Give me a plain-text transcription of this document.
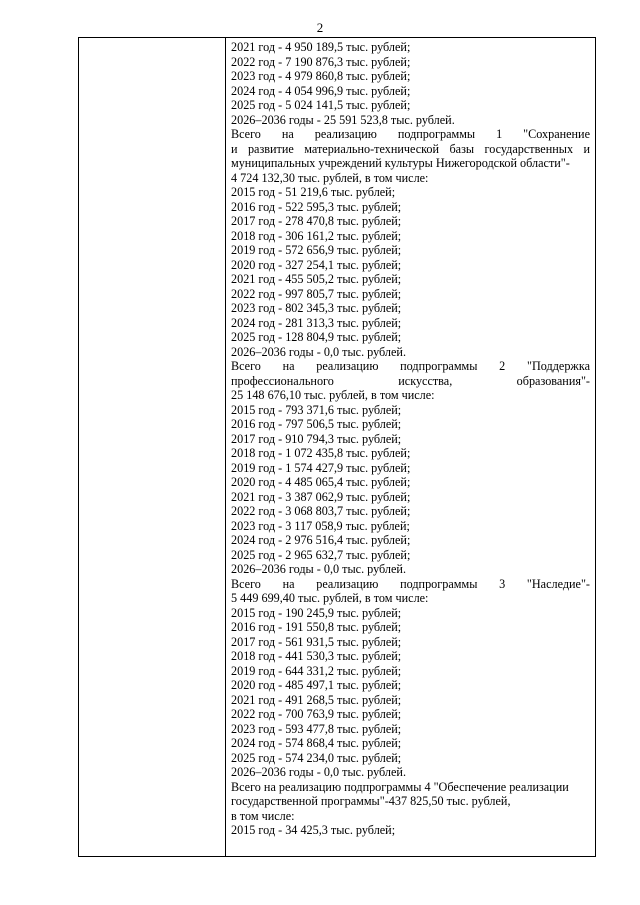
2
2021 год - 4 950 189,5 тыс. рублей;
2022 год - 7 190 876,3 тыс. рублей;
2023 год - 4 979 860,8 тыс. рублей;
2024 год - 4 054 996,9 тыс. рублей;
2025 год - 5 024 141,5 тыс. рублей;
2026–2036 годы - 25 591 523,8 тыс. рублей.
Всего на реализацию подпрограммы 1 "Сохранение
и развитие материально-технической базы государственных и
муниципальных учреждений культуры Нижегородской области"-
4 724 132,30 тыс. рублей, в том числе:
2015 год - 51 219,6 тыс. рублей;
2016 год - 522 595,3 тыс. рублей;
2017 год - 278 470,8 тыс. рублей;
2018 год - 306 161,2 тыс. рублей;
2019 год - 572 656,9 тыс. рублей;
2020 год - 327 254,1 тыс. рублей;
2021 год - 455 505,2 тыс. рублей;
2022 год - 997 805,7 тыс. рублей;
2023 год - 802 345,3 тыс. рублей;
2024 год - 281 313,3 тыс. рублей;
2025 год - 128 804,9 тыс. рублей;
2026–2036 годы - 0,0 тыс. рублей.
Всего на реализацию подпрограммы 2 "Поддержка
профессионального искусства, образования"-
25 148 676,10 тыс. рублей, в том числе:
2015 год - 793 371,6 тыс. рублей;
2016 год - 797 506,5 тыс. рублей;
2017 год - 910 794,3 тыс. рублей;
2018 год - 1 072 435,8 тыс. рублей;
2019 год - 1 574 427,9 тыс. рублей;
2020 год - 4 485 065,4 тыс. рублей;
2021 год - 3 387 062,9 тыс. рублей;
2022 год - 3 068 803,7 тыс. рублей;
2023 год - 3 117 058,9 тыс. рублей;
2024 год - 2 976 516,4 тыс. рублей;
2025 год - 2 965 632,7 тыс. рублей;
2026–2036 годы - 0,0 тыс. рублей.
Всего на реализацию подпрограммы 3 "Наследие"-
5 449 699,40 тыс. рублей, в том числе:
2015 год - 190 245,9 тыс. рублей;
2016 год - 191 550,8 тыс. рублей;
2017 год - 561 931,5 тыс. рублей;
2018 год - 441 530,3 тыс. рублей;
2019 год - 644 331,2 тыс. рублей;
2020 год - 485 497,1 тыс. рублей;
2021 год - 491 268,5 тыс. рублей;
2022 год - 700 763,9 тыс. рублей;
2023 год - 593 477,8 тыс. рублей;
2024 год - 574 868,4 тыс. рублей;
2025 год - 574 234,0 тыс. рублей;
2026–2036 годы - 0,0 тыс. рублей.
Всего на реализацию подпрограммы 4 "Обеспечение реализации
государственной программы"-437 825,50 тыс. рублей,
в том числе:
2015 год - 34 425,3 тыс. рублей;
